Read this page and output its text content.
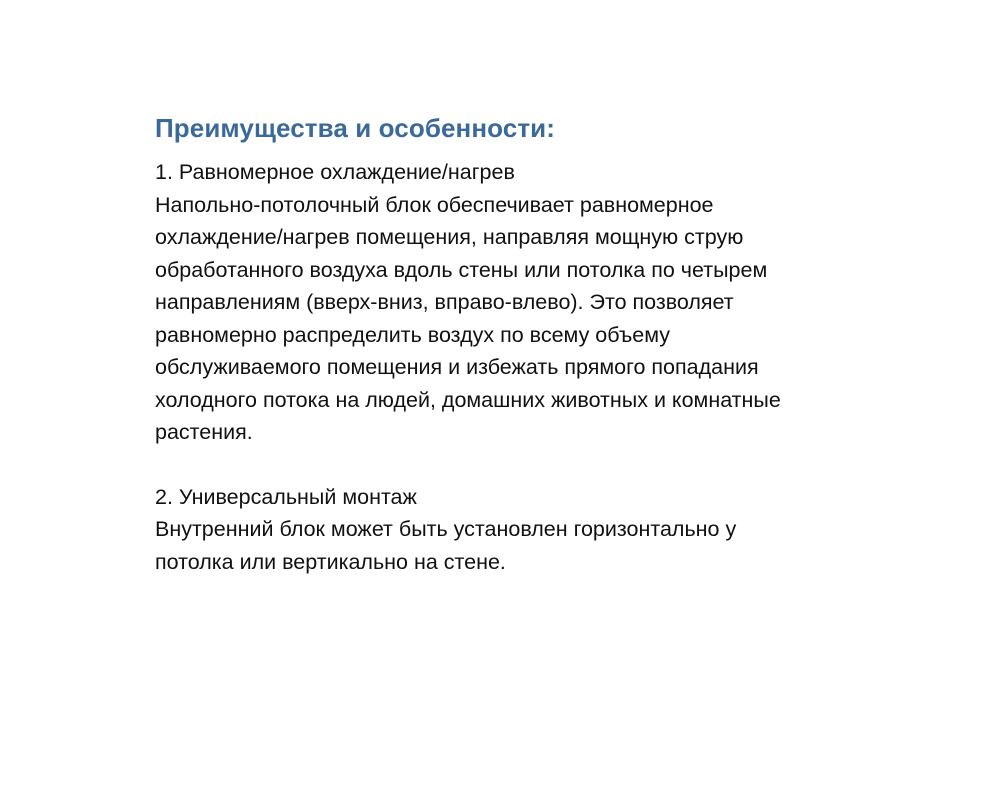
Преимущества и особенности:
1. Равномерное охлаждение/нагрев
Напольно-потолочный блок обеспечивает равномерное
охлаждение/нагрев помещения, направляя мощную струю
обработанного воздуха вдоль стены или потолка по четырем
направлениям (вверх-вниз, вправо-влево). Это позволяет
равномерно распределить воздух по всему объему
обслуживаемого помещения и избежать прямого попадания
холодного потока на людей, домашних животных и комнатные
растения.
2. Универсальный монтаж
Внутренний блок может быть установлен горизонтально у
потолка или вертикально на стене.
